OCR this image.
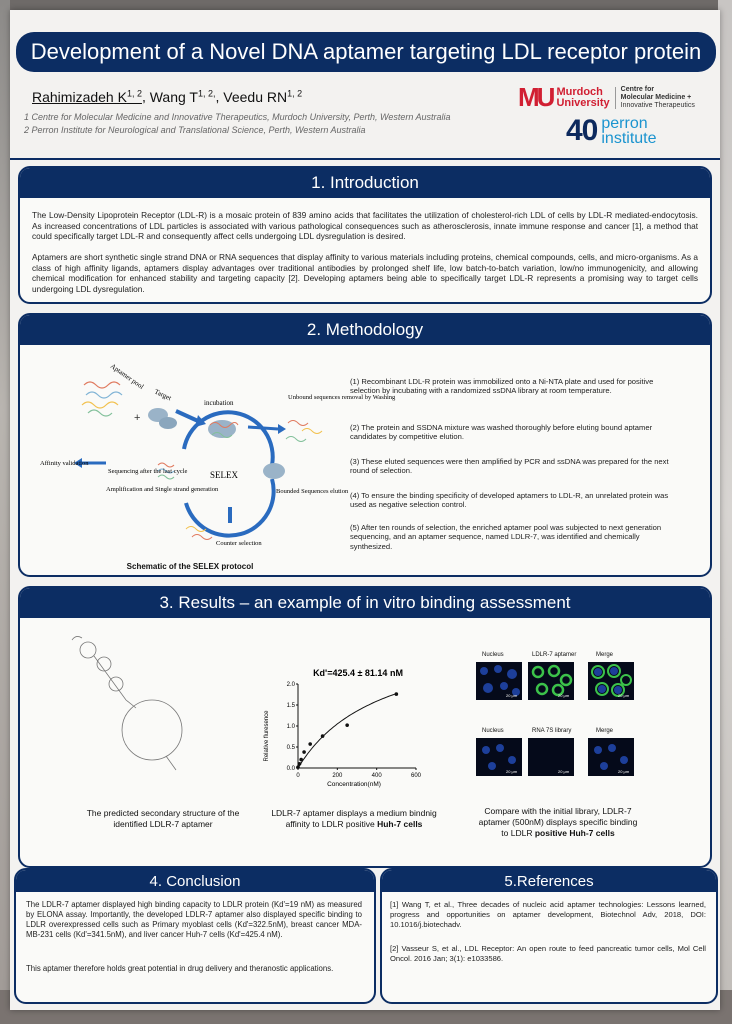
Development of a Novel DNA aptamer targeting LDL receptor protein
Rahimizadeh K$^{1, 2}$, Wang $T^{1, 2,}$, Veedu RN$^{1, 2}$
1 Centre for Molecular Medicine and Innovative Therapeutics, Murdoch University, Perth, Western Australia
2 Perron Institute for Neurological and Translational Science, Perth, Western Australia
MU Murdoch
University
Centre for
Molecular Medicine +
Innovative Therapeutics
40 perron
institute
1. Introduction
The Low-Density Lipoprotein Receptor (LDL-R) is a mosaic protein of 839 amino acids that facilitates the utilization of cholesterol-rich LDL of cells by LDL-R mediated-endocytosis. As increased concentrations of LDL particles is associated with various pathological consequences such as atherosclerosis, innate immune response and cancer [1], a method that could specifically target LDL-R and consequently affect cells undergoing LDL dysregulation is desired.
Aptamers are short synthetic single strand DNA or RNA sequences that display affinity to various materials including proteins, chemical compounds, cells, and micro-organisms. As a class of high affinity ligands, aptamers display advantages over traditional antibodies by prolonged shelf life, low batch-to-batch variation, low/no immunogenicity, and allowing chemical modification for enhanced stability and targeting capacity [2]. Developing aptamers being able to specifically target LDL-R represents a promising way to target cells undergoing LDL dysregulation.
2. Methodology
Aptamer pool
Target
+
incubation
Unbound sequences removal by Washing
SELEX
Bounded Sequences elution
Sequencing after the last cycle
Affinity validation
Amplification and Single strand generation
Counter selection
Schematic of the SELEX protocol
(1) Recombinant LDL-R protein was immobilized onto a Ni-NTA plate and used for positive selection by incubating with a randomized ssDNA library at room temperature.
(2) The protein and SSDNA mixture was washed thoroughly before eluting bound aptamer candidates by competitive elution.
(3) These eluted sequences were then amplified by PCR and ssDNA was prepared for the next round of selection.
(4) To ensure the binding specificity of developed aptamers to LDL-R, an unrelated protein was used as negative selection control.
(5) After ten rounds of selection, the enriched aptamer pool was subjected to next generation sequencing, and an aptamer sequence, named LDLR-7, was identified and chemically synthesized.
3. Results – an example of in vitro binding assessment
The predicted secondary structure of the identified LDLR-7 aptamer
Kd'=425.4 ± 81.14 nM
0	200	400	600
0.0
0.5
1.0
1.5
2.0
Concentration(nM)
Relative fluresence
LDLR-7 aptamer displays a medium bindnig affinity to LDLR positive Huh-7 cells
Nucleus	LDLR-7 aptamer	Merge
20 μm	20 μm	20 μm
Nucleus	RNA 7S library	Merge
20 μm	20 μm	20 μm
Compare with the initial library, LDLR-7 aptamer (500nM) displays specific binding to LDLR positive Huh-7 cells
4. Conclusion
The LDLR-7 aptamer displayed high binding capacity to LDLR protein (Kd'=19 nM) as measured by ELONA assay. Importantly, the developed LDLR-7 aptamer also displayed specific binding to LDLR overexpressed cells such as Primary myoblast cells (Kd'=322.5nM), breast cancer MDA-MB-231 cells (Kd'=341.5nM), and liver cancer Huh-7 cells (Kd'=425.4 nM).
This aptamer therefore holds great potential in drug delivery and theranostic applications.
5.References
[1] Wang T, et al., Three decades of nucleic acid aptamer technologies: Lessons learned, progress and opportunities on aptamer development, Biotechnol Adv, 2018, DOI: 10.1016/j.biotechadv.
[2] Vasseur S, et al., LDL Receptor: An open route to feed pancreatic tumor cells, Mol Cell Oncol. 2016 Jan; 3(1): e1033586.
